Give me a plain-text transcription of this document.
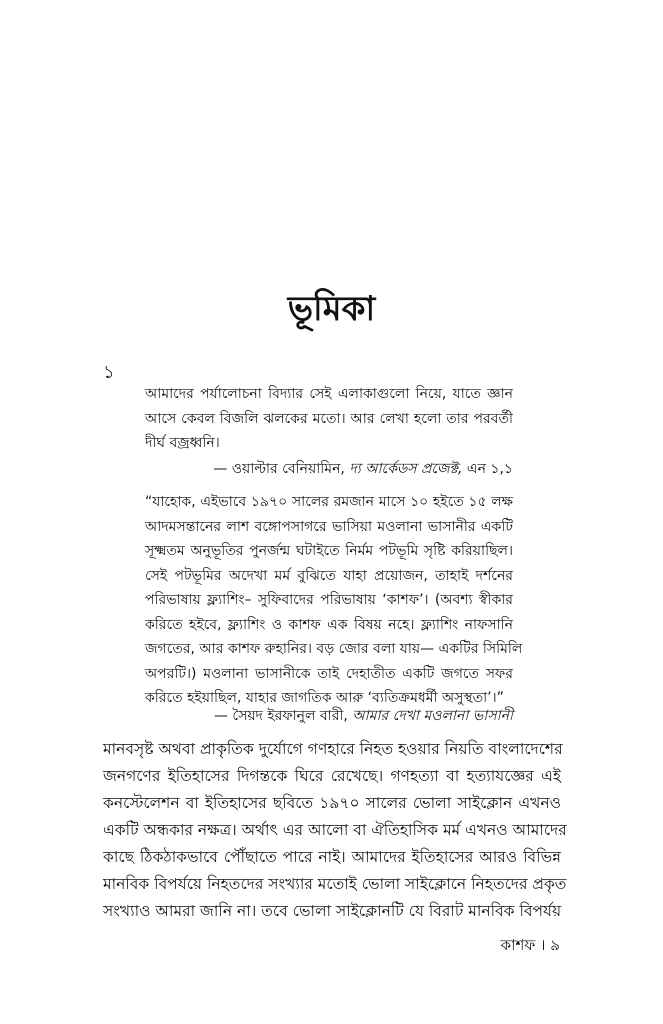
ভূমিকা
১
আমাদের পর্যালোচনা বিদ্যার সেই এলাকাগুলো নিয়ে, যাতে জ্ঞান
আসে কেবল বিজলি ঝলকের মতো। আর লেখা হলো তার পরবর্তী
দীর্ঘ বজ্রধ্বনি।
— ওয়াল্টার বেনিয়ামিন, দ্য আর্কেডস প্রজেক্ট, এন ১,১
“যাহোক, এইভাবে ১৯৭০ সালের রমজান মাসে ১০ হইতে ১৫ লক্ষ
আদমসন্তানের লাশ বঙ্গোপসাগরে ভাসিয়া মওলানা ভাসানীর একটি
সূক্ষ্মতম অনুভূতির পুনর্জন্ম ঘটাইতে নির্মম পটভূমি সৃষ্টি করিয়াছিল।
সেই পটভূমির অদেখা মর্ম বুঝিতে যাহা প্রয়োজন, তাহাই দর্শনের
পরিভাষায় ফ্ল্যাশিং– সুফিবাদের পরিভাষায় ‘কাশফ’। (অবশ্য স্বীকার
করিতে হইবে, ফ্ল্যাশিং ও কাশফ এক বিষয় নহে। ফ্ল্যাশিং নাফসানি
জগতের, আর কাশফ রুহানির। বড় জোর বলা যায়— একটির সিমিলি
অপরটি।) মওলানা ভাসানীকে তাই দেহাতীত একটি জগতে সফর
করিতে হইয়াছিল, যাহার জাগতিক আরু ‘ব্যতিক্রমধর্মী অসুস্থতা’।”
— সৈয়দ ইরফানুল বারী, আমার দেখা মওলানা ভাসানী
মানবসৃষ্ট অথবা প্রাকৃতিক দুর্যোগে গণহারে নিহত হওয়ার নিয়তি বাংলাদেশের
জনগণের ইতিহাসের দিগন্তকে ঘিরে রেখেছে। গণহত্যা বা হত্যাযজ্ঞের এই
কনস্টেলেশন বা ইতিহাসের ছবিতে ১৯৭০ সালের ভোলা সাইক্লোন এখনও
একটি অন্ধকার নক্ষত্র। অর্থাৎ এর আলো বা ঐতিহাসিক মর্ম এখনও আমাদের
কাছে ঠিকঠাকভাবে পৌঁছাতে পারে নাই। আমাদের ইতিহাসের আরও বিভিন্ন
মানবিক বিপর্যয়ে নিহতদের সংখ্যার মতোই ভোলা সাইক্লোনে নিহতদের প্রকৃত
সংখ্যাও আমরা জানি না। তবে ভোলা সাইক্লোনটি যে বিরাট মানবিক বিপর্যয়
কাশফ । ৯
